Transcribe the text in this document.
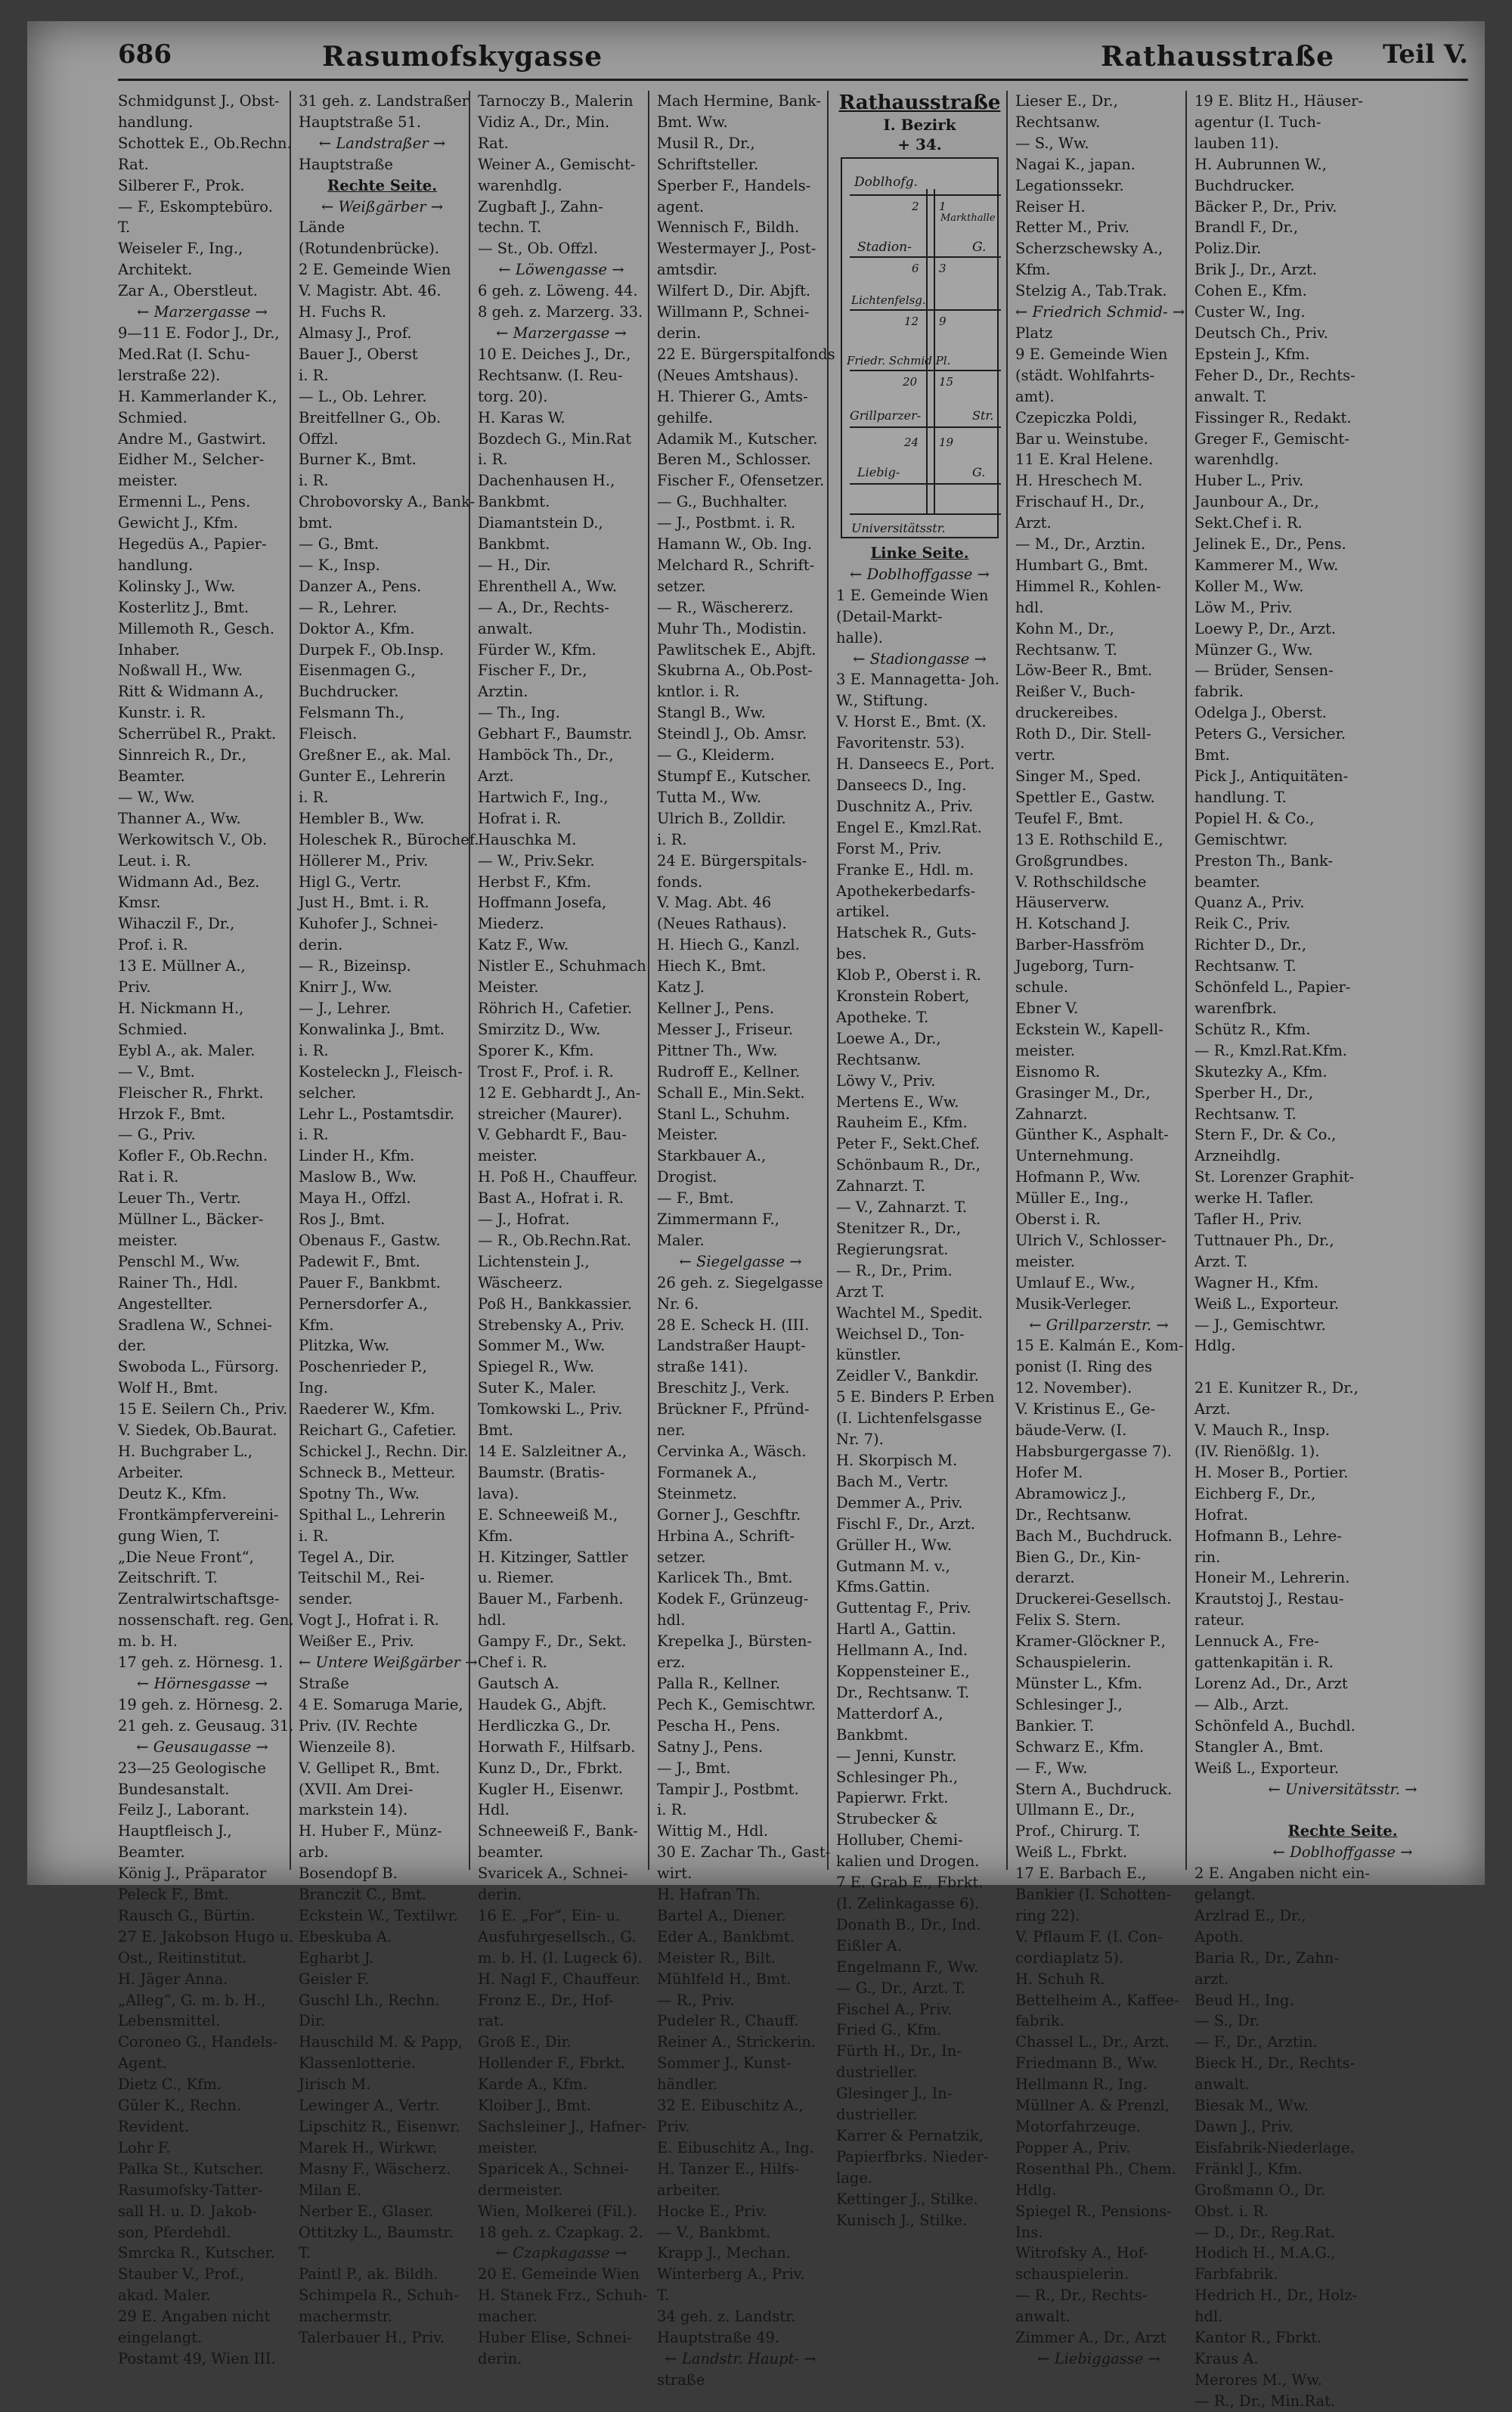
686	Rasumofskygasse	Rathausstraße Teil V.
Schmidgunst J., Obst-
handlung.
Schottek E., Ob.Rechn.
Rat.
Silberer F., Prok.
— F., Eskomptebüro.
T.
Weiseler F., Ing.,
Architekt.
Zar A., Oberstleut.
← Marzergasse →
9—11 E. Fodor J., Dr.,
Med.Rat (I. Schu-
lerstraße 22).
H. Kammerlander K.,
Schmied.
Andre M., Gastwirt.
Eidher M., Selcher-
meister.
Ermenni L., Pens.
Gewicht J., Kfm.
Hegedüs A., Papier-
handlung.
Kolinsky J., Ww.
Kosterlitz J., Bmt.
Millemoth R., Gesch.
Inhaber.
Noßwall H., Ww.
Ritt & Widmann A.,
Kunstr. i. R.
Scherrübel R., Prakt.
Sinnreich R., Dr.,
Beamter.
— W., Ww.
Thanner A., Ww.
Werkowitsch V., Ob.
Leut. i. R.
Widmann Ad., Bez.
Kmsr.
Wihaczil F., Dr.,
Prof. i. R.
13 E. Müllner A.,
Priv.
H. Nickmann H.,
Schmied.
Eybl A., ak. Maler.
— V., Bmt.
Fleischer R., Fhrkt.
Hrzok F., Bmt.
— G., Priv.
Kofler F., Ob.Rechn.
Rat i. R.
Leuer Th., Vertr.
Müllner L., Bäcker-
meister.
Penschl M., Ww.
Rainer Th., Hdl.
Angestellter.
Sradlena W., Schnei-
der.
Swoboda L., Fürsorg.
Wolf H., Bmt.
15 E. Seilern Ch., Priv.
V. Siedek, Ob.Baurat.
H. Buchgraber L.,
Arbeiter.
Deutz K., Kfm.
Frontkämpfervereini-
gung Wien, T.
„Die Neue Front“,
Zeitschrift. T.
Zentralwirtschaftsge-
nossenschaft. reg. Gen.
m. b. H.
17 geh. z. Hörnesg. 1.
← Hörnesgasse →
19 geh. z. Hörnesg. 2.
21 geh. z. Geusaug. 31.
← Geusaugasse →
23—25 Geologische
Bundesanstalt.
Feilz J., Laborant.
Hauptfleisch J.,
Beamter.
König J., Präparator
Peleck F., Bmt.
Rausch G., Bürtin.
27 E. Jakobson Hugo u.
Ost., Reitinstitut.
H. Jäger Anna.
„Alleg“, G. m. b. H.,
Lebensmittel.
Coroneo G., Handels-
Agent.
Dietz C., Kfm.
Güler K., Rechn.
Revident.
Lohr F.
Palka St., Kutscher.
Rasumofsky-Tatter-
sall H. u. D. Jakob-
son, Pferdehdl.
Smrcka R., Kutscher.
Stauber V., Prof.,
akad. Maler.
29 E. Angaben nicht
eingelangt.
Postamt 49, Wien III.
31 geh. z. Landstraßer
Hauptstraße 51.
← Landstraßer →
Hauptstraße
Rechte Seite.
← Weißgärber →
Lände
(Rotundenbrücke).
2 E. Gemeinde Wien
V. Magistr. Abt. 46.
H. Fuchs R.
Almasy J., Prof.
Bauer J., Oberst
i. R.
— L., Ob. Lehrer.
Breitfellner G., Ob.
Offzl.
Burner K., Bmt.
i. R.
Chrobovorsky A., Bank-
bmt.
— G., Bmt.
— K., Insp.
Danzer A., Pens.
— R., Lehrer.
Doktor A., Kfm.
Durpek F., Ob.Insp.
Eisenmagen G.,
Buchdrucker.
Felsmann Th.,
Fleisch.
Greßner E., ak. Mal.
Gunter E., Lehrerin
i. R.
Hembler B., Ww.
Holeschek R., Bürochef.
Höllerer M., Priv.
Higl G., Vertr.
Just H., Bmt. i. R.
Kuhofer J., Schnei-
derin.
— R., Bizeinsp.
Knirr J., Ww.
— J., Lehrer.
Konwalinka J., Bmt.
i. R.
Kosteleckn J., Fleisch-
selcher.
Lehr L., Postamtsdir.
i. R.
Linder H., Kfm.
Maslow B., Ww.
Maya H., Offzl.
Ros J., Bmt.
Obenaus F., Gastw.
Padewit F., Bmt.
Pauer F., Bankbmt.
Pernersdorfer A.,
Kfm.
Plitzka, Ww.
Poschenrieder P.,
Ing.
Raederer W., Kfm.
Reichart G., Cafetier.
Schickel J., Rechn. Dir.
Schneck B., Metteur.
Spotny Th., Ww.
Spithal L., Lehrerin
i. R.
Tegel A., Dir.
Teitschil M., Rei-
sender.
Vogt J., Hofrat i. R.
Weißer E., Priv.
← Untere Weißgärber →
Straße
4 E. Somaruga Marie,
Priv. (IV. Rechte
Wienzeile 8).
V. Gellipet R., Bmt.
(XVII. Am Drei-
markstein 14).
H. Huber F., Münz-
arb.
Bosendopf B.
Branczit C., Bmt.
Eckstein W., Textilwr.
Ebeskuba A.
Egharbt J.
Geisler F.
Guschl Lh., Rechn.
Dir.
Hauschild M. & Papp,
Klassenlotterie.
Jirisch M.
Lewinger A., Vertr.
Lipschitz R., Eisenwr.
Marek H., Wirkwr.
Masny F., Wäscherz.
Milan E.
Nerber E., Glaser.
Ottitzky L., Baumstr.
T.
Paintl P., ak. Bildh.
Schimpela R., Schuh-
machermstr.
Talerbauer H., Priv.
Tarnoczy B., Malerin
Vidiz A., Dr., Min.
Rat.
Weiner A., Gemischt-
warenhdlg.
Zugbaft J., Zahn-
techn. T.
— St., Ob. Offzl.
← Löwengasse →
6 geh. z. Löweng. 44.
8 geh. z. Marzerg. 33.
← Marzergasse →
10 E. Deiches J., Dr.,
Rechtsanw. (I. Reu-
torg. 20).
H. Karas W.
Bozdech G., Min.Rat
i. R.
Dachenhausen H.,
Bankbmt.
Diamantstein D.,
Bankbmt.
— H., Dir.
Ehrenthell A., Ww.
— A., Dr., Rechts-
anwalt.
Fürder W., Kfm.
Fischer F., Dr.,
Arztin.
— Th., Ing.
Gebhart F., Baumstr.
Hamböck Th., Dr.,
Arzt.
Hartwich F., Ing.,
Hofrat i. R.
Hauschka M.
— W., Priv.Sekr.
Herbst F., Kfm.
Hoffmann Josefa,
Miederz.
Katz F., Ww.
Nistler E., Schuhmach
Meister.
Röhrich H., Cafetier.
Smirzitz D., Ww.
Sporer K., Kfm.
Trost F., Prof. i. R.
12 E. Gebhardt J., An-
streicher (Maurer).
V. Gebhardt F., Bau-
meister.
H. Poß H., Chauffeur.
Bast A., Hofrat i. R.
— J., Hofrat.
— R., Ob.Rechn.Rat.
Lichtenstein J.,
Wäscheerz.
Poß H., Bankkassier.
Strebensky A., Priv.
Sommer M., Ww.
Spiegel R., Ww.
Suter K., Maler.
Tomkowski L., Priv.
Bmt.
14 E. Salzleitner A.,
Baumstr. (Bratis-
lava).
E. Schneeweiß M.,
Kfm.
H. Kitzinger, Sattler
u. Riemer.
Bauer M., Farbenh.
hdl.
Gampy F., Dr., Sekt.
Chef i. R.
Gautsch A.
Haudek G., Abjft.
Herdliczka G., Dr.
Horwath F., Hilfsarb.
Kunz D., Dr., Fbrkt.
Kugler H., Eisenwr.
Hdl.
Schneeweiß F., Bank-
beamter.
Svaricek A., Schnei-
derin.
16 E. „For“, Ein- u.
Ausfuhrgesellsch., G.
m. b. H. (I. Lugeck 6).
H. Nagl F., Chauffeur.
Fronz E., Dr., Hof-
rat.
Groß E., Dir.
Hollender F., Fbrkt.
Karde A., Kfm.
Kloiber J., Bmt.
Sachsleiner J., Hafner-
meister.
Sparicek A., Schnei-
dermeister.
Wien, Molkerei (Fil.).
18 geh. z. Czapkag. 2.
← Czapkagasse →
20 E. Gemeinde Wien
H. Stanek Frz., Schuh-
macher.
Huber Elise, Schnei-
derin.
Mach Hermine, Bank-
Bmt. Ww.
Musil R., Dr.,
Schriftsteller.
Sperber F., Handels-
agent.
Wennisch F., Bildh.
Westermayer J., Post-
amtsdir.
Wilfert D., Dir. Abjft.
Willmann P., Schnei-
derin.
22 E. Bürgerspitalfonds
(Neues Amtshaus).
H. Thierer G., Amts-
gehilfe.
Adamik M., Kutscher.
Beren M., Schlosser.
Fischer F., Ofensetzer.
— G., Buchhalter.
— J., Postbmt. i. R.
Hamann W., Ob. Ing.
Melchard R., Schrift-
setzer.
— R., Wäschererz.
Muhr Th., Modistin.
Pawlitschek E., Abjft.
Skubrna A., Ob.Post-
kntlor. i. R.
Stangl B., Ww.
Steindl J., Ob. Amsr.
— G., Kleiderm.
Stumpf E., Kutscher.
Tutta M., Ww.
Ulrich B., Zolldir.
i. R.
24 E. Bürgerspitals-
fonds.
V. Mag. Abt. 46
(Neues Rathaus).
H. Hiech G., Kanzl.
Hiech K., Bmt.
Katz J.
Kellner J., Pens.
Messer J., Friseur.
Pittner Th., Ww.
Rudroff E., Kellner.
Schall E., Min.Sekt.
Stanl L., Schuhm.
Meister.
Starkbauer A.,
Drogist.
— F., Bmt.
Zimmermann F.,
Maler.
← Siegelgasse →
26 geh. z. Siegelgasse
Nr. 6.
28 E. Scheck H. (III.
Landstraßer Haupt-
straße 141).
Breschitz J., Verk.
Brückner F., Pfründ-
ner.
Cervinka A., Wäsch.
Formanek A.,
Steinmetz.
Gorner J., Geschftr.
Hrbina A., Schrift-
setzer.
Karlicek Th., Bmt.
Kodek F., Grünzeug-
hdl.
Krepelka J., Bürsten-
erz.
Palla R., Kellner.
Pech K., Gemischtwr.
Pescha H., Pens.
Satny J., Pens.
— J., Bmt.
Tampir J., Postbmt.
i. R.
Wittig M., Hdl.
30 E. Zachar Th., Gast-
wirt.
H. Hafran Th.
Bartel A., Diener.
Eder A., Bankbmt.
Meister R., Bilt.
Mühlfeld H., Bmt.
— R., Priv.
Pudeler R., Chauff.
Reiner A., Strickerin.
Sommer J., Kunst-
händler.
32 E. Eibuschitz A.,
Priv.
E. Eibuschitz A., Ing.
H. Tanzer E., Hilfs-
arbeiter.
Hocke E., Priv.
— V., Bankbmt.
Krapp J., Mechan.
Winterberg A., Priv.
T.
34 geh. z. Landstr.
Hauptstraße 49.
← Landstr. Haupt- →
straße
Rathausstraße
I. Bezirk
+ 34.
Doblhofg.
Stadion-	G.
Markthalle
Lichtenfelsg.
Friedr. Schmid Pl.
Grillparzer-	Str.
Liebig-	G.
Universitätsstr.
2 1
6 3
12 9
20 15
24 19
Linke Seite.
← Doblhoffgasse →
1 E. Gemeinde Wien
(Detail-Markt-
halle).
← Stadiongasse →
3 E. Mannagetta- Joh.
W., Stiftung.
V. Horst E., Bmt. (X.
Favoritenstr. 53).
H. Danseecs E., Port.
Danseecs D., Ing.
Duschnitz A., Priv.
Engel E., Kmzl.Rat.
Forst M., Priv.
Franke E., Hdl. m.
Apothekerbedarfs-
artikel.
Hatschek R., Guts-
bes.
Klob P., Oberst i. R.
Kronstein Robert,
Apotheke. T.
Loewe A., Dr.,
Rechtsanw.
Löwy V., Priv.
Mertens E., Ww.
Rauheim E., Kfm.
Peter F., Sekt.Chef.
Schönbaum R., Dr.,
Zahnarzt. T.
— V., Zahnarzt. T.
Stenitzer R., Dr.,
Regierungsrat.
— R., Dr., Prim.
Arzt T.
Wachtel M., Spedit.
Weichsel D., Ton-
künstler.
Zeidler V., Bankdir.
5 E. Binders P. Erben
(I. Lichtenfelsgasse
Nr. 7).
H. Skorpisch M.
Bach M., Vertr.
Demmer A., Priv.
Fischl F., Dr., Arzt.
Grüller H., Ww.
Gutmann M. v.,
Kfms.Gattin.
Guttentag F., Priv.
Hartl A., Gattin.
Hellmann A., Ind.
Koppensteiner E.,
Dr., Rechtsanw. T.
Matterdorf A.,
Bankbmt.
— Jenni, Kunstr.
Schlesinger Ph.,
Papierwr. Frkt.
Strubecker &
Holluber, Chemi-
kalien und Drogen.
7 E. Grab E., Fbrkt.
(I. Zelinkagasse 6).
Donath B., Dr., Ind.
Eißler A.
Engelmann F., Ww.
— G., Dr., Arzt. T.
Fischel A., Priv.
Fried G., Kfm.
Fürth H., Dr., In-
dustrieller.
Glesinger J., In-
dustrieller.
Karrer & Pernatzik,
Papierfbrks. Nieder-
lage.
Kettinger J., Stilke.
Kunisch J., Stilke.
Lieser E., Dr.,
Rechtsanw.
— S., Ww.
Nagai K., japan.
Legationssekr.
Reiser H.
Retter M., Priv.
Scherzschewsky A.,
Kfm.
Stelzig A., Tab.Trak.
← Friedrich Schmid- →
Platz
9 E. Gemeinde Wien
(städt. Wohlfahrts-
amt).
Czepiczka Poldi,
Bar u. Weinstube.
11 E. Kral Helene.
H. Hreschech M.
Frischauf H., Dr.,
Arzt.
— M., Dr., Arztin.
Humbart G., Bmt.
Himmel R., Kohlen-
hdl.
Kohn M., Dr.,
Rechtsanw. T.
Löw-Beer R., Bmt.
Reißer V., Buch-
druckereibes.
Roth D., Dir. Stell-
vertr.
Singer M., Sped.
Spettler E., Gastw.
Teufel F., Bmt.
13 E. Rothschild E.,
Großgrundbes.
V. Rothschildsche
Häuserverw.
H. Kotschand J.
Barber-Hassfröm
Jugeborg, Turn-
schule.
Ebner V.
Eckstein W., Kapell-
meister.
Eisnomo R.
Grasinger M., Dr.,
Zahnarzt.
Günther K., Asphalt-
Unternehmung.
Hofmann P., Ww.
Müller E., Ing.,
Oberst i. R.
Ulrich V., Schlosser-
meister.
Umlauf E., Ww.,
Musik-Verleger.
← Grillparzerstr. →
15 E. Kalmán E., Kom-
ponist (I. Ring des
12. November).
V. Kristinus E., Ge-
bäude-Verw. (I.
Habsburgergasse 7).
Hofer M.
Abramowicz J.,
Dr., Rechtsanw.
Bach M., Buchdruck.
Bien G., Dr., Kin-
derarzt.
Druckerei-Gesellsch.
Felix S. Stern.
Kramer-Glöckner P.,
Schauspielerin.
Münster L., Kfm.
Schlesinger J.,
Bankier. T.
Schwarz E., Kfm.
— F., Ww.
Stern A., Buchdruck.
Ullmann E., Dr.,
Prof., Chirurg. T.
Weiß L., Fbrkt.
17 E. Barbach E.,
Bankier (I. Schotten-
ring 22).
V. Pflaum F. (I. Con-
cordiaplatz 5).
H. Schuh R.
Bettelheim A., Kaffee-
fabrik.
Chassel L., Dr., Arzt.
Friedmann B., Ww.
Hellmann R., Ing.
Müllner A. & Prenzl,
Motorfahrzeuge.
Popper A., Priv.
Rosenthal Ph., Chem.
Hdlg.
Spiegel R., Pensions-
Ins.
Witrofsky A., Hof-
schauspielerin.
— R., Dr., Rechts-
anwalt.
Zimmer A., Dr., Arzt
← Liebiggasse →
19 E. Blitz H., Häuser-
agentur (I. Tuch-
lauben 11).
H. Aubrunnen W.,
Buchdrucker.
Bäcker P., Dr., Priv.
Brandl F., Dr.,
Poliz.Dir.
Brik J., Dr., Arzt.
Cohen E., Kfm.
Custer W., Ing.
Deutsch Ch., Priv.
Epstein J., Kfm.
Feher D., Dr., Rechts-
anwalt. T.
Fissinger R., Redakt.
Greger F., Gemischt-
warenhdlg.
Huber L., Priv.
Jaunbour A., Dr.,
Sekt.Chef i. R.
Jelinek E., Dr., Pens.
Kammerer M., Ww.
Koller M., Ww.
Löw M., Priv.
Loewy P., Dr., Arzt.
Münzer G., Ww.
— Brüder, Sensen-
fabrik.
Odelga J., Oberst.
Peters G., Versicher.
Bmt.
Pick J., Antiquitäten-
handlung. T.
Popiel H. & Co.,
Gemischtwr.
Preston Th., Bank-
beamter.
Quanz A., Priv.
Reik C., Priv.
Richter D., Dr.,
Rechtsanw. T.
Schönfeld L., Papier-
warenfbrk.
Schütz R., Kfm.
— R., Kmzl.Rat.Kfm.
Skutezky A., Kfm.
Sperber H., Dr.,
Rechtsanw. T.
Stern F., Dr. & Co.,
Arzneihdlg.
St. Lorenzer Graphit-
werke H. Tafler.
Tafler H., Priv.
Tuttnauer Ph., Dr.,
Arzt. T.
Wagner H., Kfm.
Weiß L., Exporteur.
— J., Gemischtwr.
Hdlg.

21 E. Kunitzer R., Dr.,
Arzt.
V. Mauch R., Insp.
(IV. Rienößlg. 1).
H. Moser B., Portier.
Eichberg F., Dr.,
Hofrat.
Hofmann B., Lehre-
rin.
Honeir M., Lehrerin.
Krautstoj J., Restau-
rateur.
Lennuck A., Fre-
gattenkapitän i. R.
Lorenz Ad., Dr., Arzt
— Alb., Arzt.
Schönfeld A., Buchdl.
Stangler A., Bmt.
Weiß L., Exporteur.
← Universitätsstr. →

Rechte Seite.
← Doblhoffgasse →
2 E. Angaben nicht ein-
gelangt.
Arzlrad E., Dr.,
Apoth.
Baria R., Dr., Zahn-
arzt.
Beud H., Ing.
— S., Dr.
— F., Dr., Arztin.
Bieck H., Dr., Rechts-
anwalt.
Biesak M., Ww.
Dawn J., Priv.
Eisfabrik-Niederlage.
Fränkl J., Kfm.
Großmann O., Dr.
Obst. i. R.
— D., Dr., Reg.Rat.
Hodich H., M.A.G.,
Farbfabrik.
Hedrich H., Dr., Holz-
hdl.
Kantor R., Fbrkt.
Kraus A.
Merores M., Ww.
— R., Dr., Min.Rat.
